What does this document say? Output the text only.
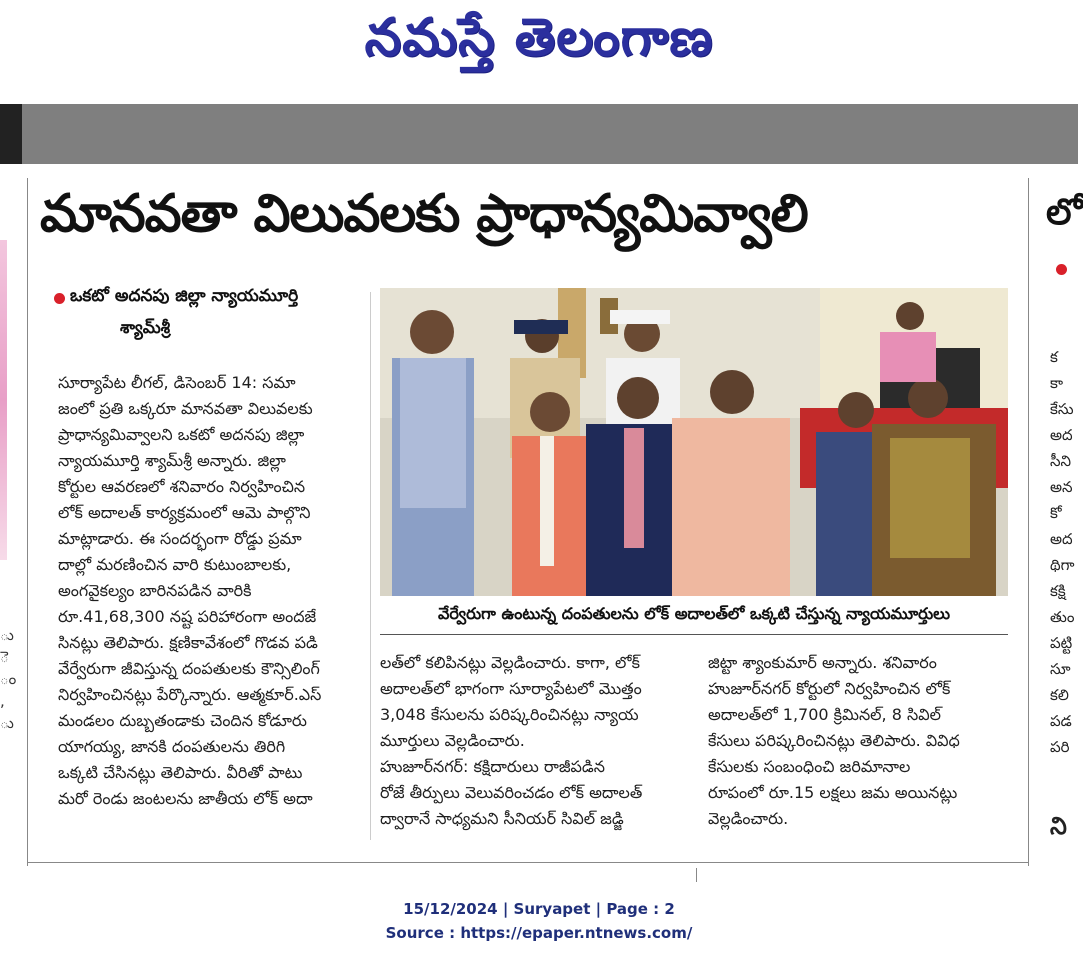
నమస్తే తెలంగాణ
ు
ె
ం
,
ు
మానవతా విలువలకు ప్రాధాన్యమివ్వాలి
ఒకటో అదనపు జిల్లా న్యాయమూర్తి
శ్యామ్‌శ్రీ

సూర్యాపేట లీగల్, డిసెంబర్ 14: సమా

జంలో ప్రతి ఒక్కరూ మానవతా విలువలకు

ప్రాధాన్యమివ్వాలని ఒకటో అదనపు జిల్లా

న్యాయమూర్తి శ్యామ్‌శ్రీ అన్నారు. జిల్లా

కోర్టుల ఆవరణలో శనివారం నిర్వహించిన

లోక్ అదాలత్ కార్యక్రమంలో ఆమె పాల్గొని

మాట్లాడారు. ఈ సందర్భంగా రోడ్డు ప్రమా

దాల్లో మరణించిన వారి కుటుంబాలకు,

అంగవైకల్యం బారినపడిన వారికి

రూ.41,68,300 నష్ట పరిహారంగా అందజే

సినట్లు తెలిపారు. క్షణికావేశంలో గొడవ పడి

వేర్వేరుగా జీవిస్తున్న దంపతులకు కౌన్సిలింగ్

నిర్వహించినట్లు పేర్కొన్నారు. ఆత్మకూర్.ఎస్

మండలం దుబ్బతండాకు చెందిన కోడూరు

యాగయ్య, జానకి దంపతులను తిరిగి

ఒక్కటి చేసినట్లు తెలిపారు. వీరితో పాటు

మరో రెండు జంటలను జాతీయ లోక్ అదా

వేర్వేరుగా ఉంటున్న దంపతులను లోక్ అదాలత్‌లో ఒక్కటి చేస్తున్న న్యాయమూర్తులు

లత్‌లో కలిపినట్లు వెల్లడించారు. కాగా, లోక్

అదాలత్‌లో భాగంగా సూర్యాపేటలో మొత్తం

3,048 కేసులను పరిష్కరించినట్లు న్యాయ

మూర్తులు వెల్లడించారు.

హుజూర్‌నగర్: కక్షిదారులు రాజీపడిన

రోజే తీర్పులు వెలువరించడం లోక్ అదాలత్

ద్వారానే సాధ్యమని సీనియర్ సివిల్ జడ్జి

జిట్టా శ్యాంకుమార్ అన్నారు. శనివారం

హుజూర్‌నగర్ కోర్టులో నిర్వహించిన లోక్

అదాలత్‌లో 1,700 క్రిమినల్, 8 సివిల్

కేసులు పరిష్కరించినట్లు తెలిపారు. వివిధ

కేసులకు సంబంధించి జరిమానాల

రూపంలో రూ.15 లక్షలు జమ అయినట్లు

వెల్లడించారు.

లో
క
కా
కేసు
అద
సీని
అన
కో
అద
థిగా
కక్షి
తుం
పట్టి
సూ
కలి
పడ
పరి
ని
15/12/2024 | Suryapet | Page : 2
Source : https://epaper.ntnews.com/
